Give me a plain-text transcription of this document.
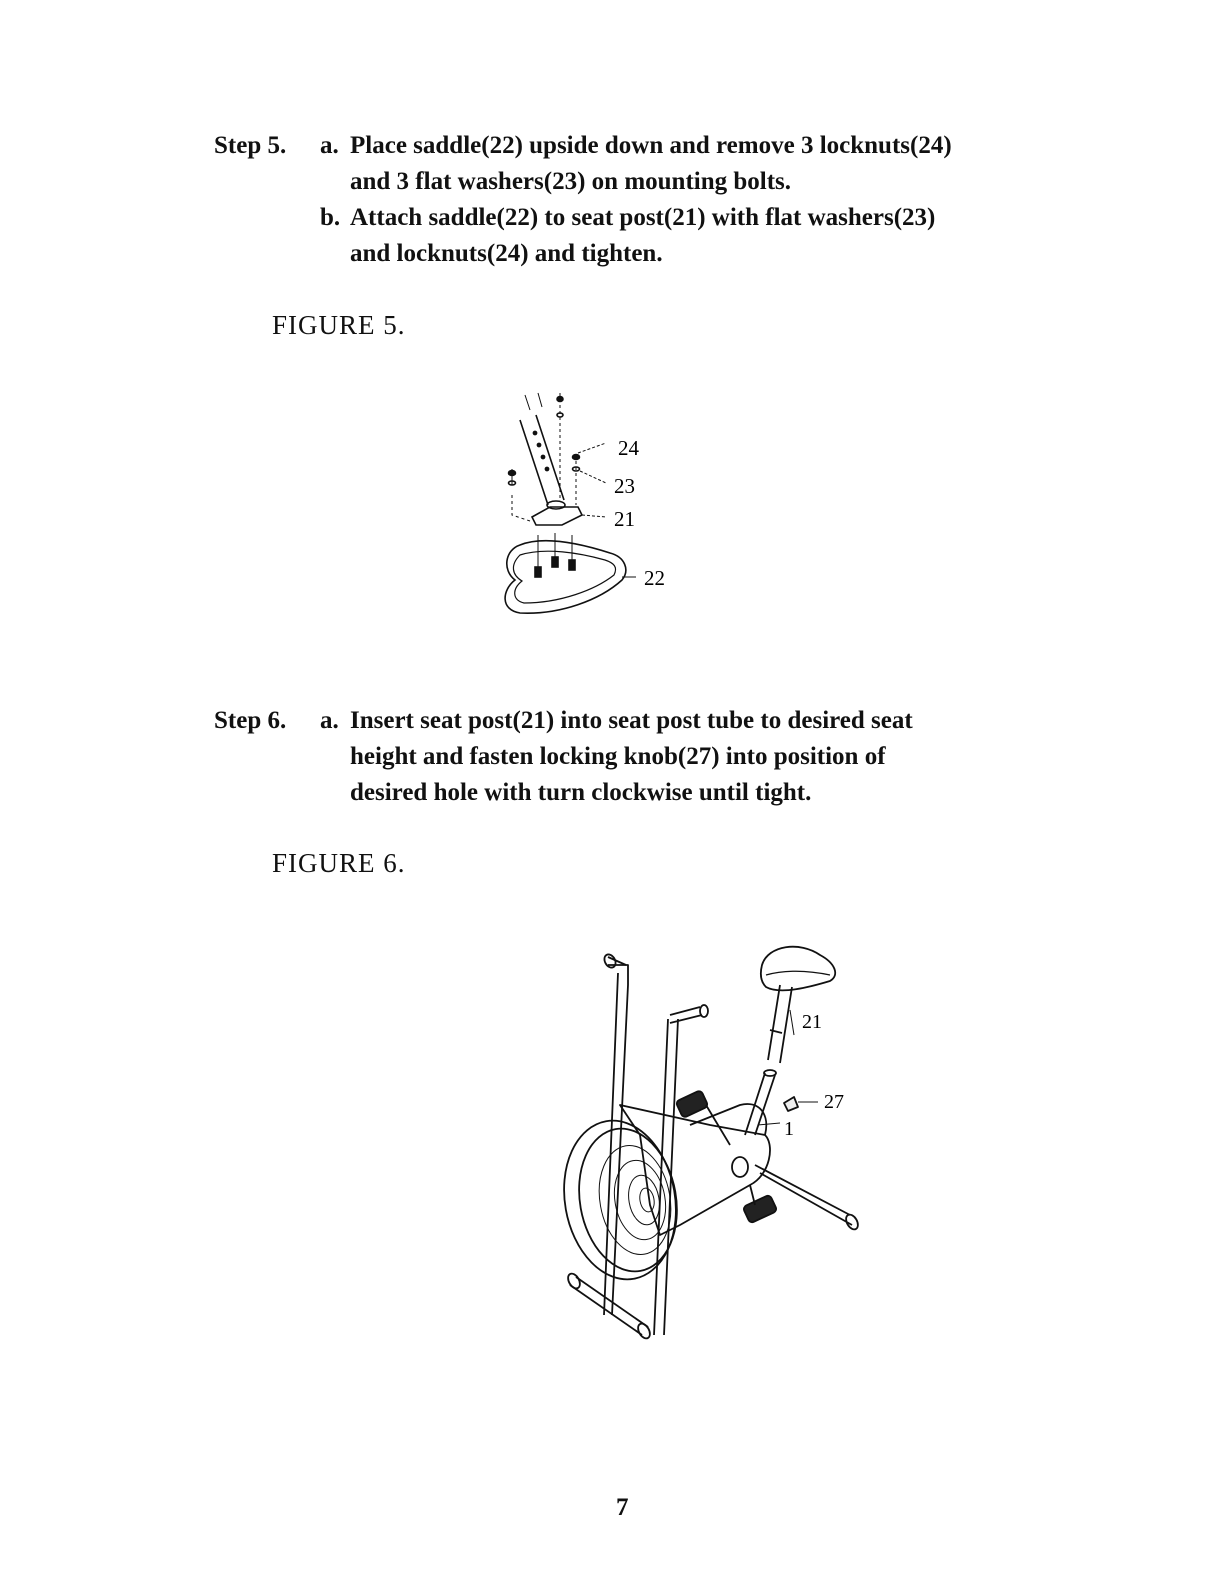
Step 5. a. Place saddle(22) upside down and remove 3 locknuts(24)
and 3 flat washers(23) on mounting bolts.
b. Attach saddle(22) to seat post(21) with flat washers(23)
and locknuts(24) and tighten.
FIGURE 5.
24
23
21
22
Step 6. a. Insert seat post(21) into seat post tube to desired seat
height and fasten locking knob(27) into position of
desired hole with turn clockwise until tight.
FIGURE 6.
21
27
1
7
